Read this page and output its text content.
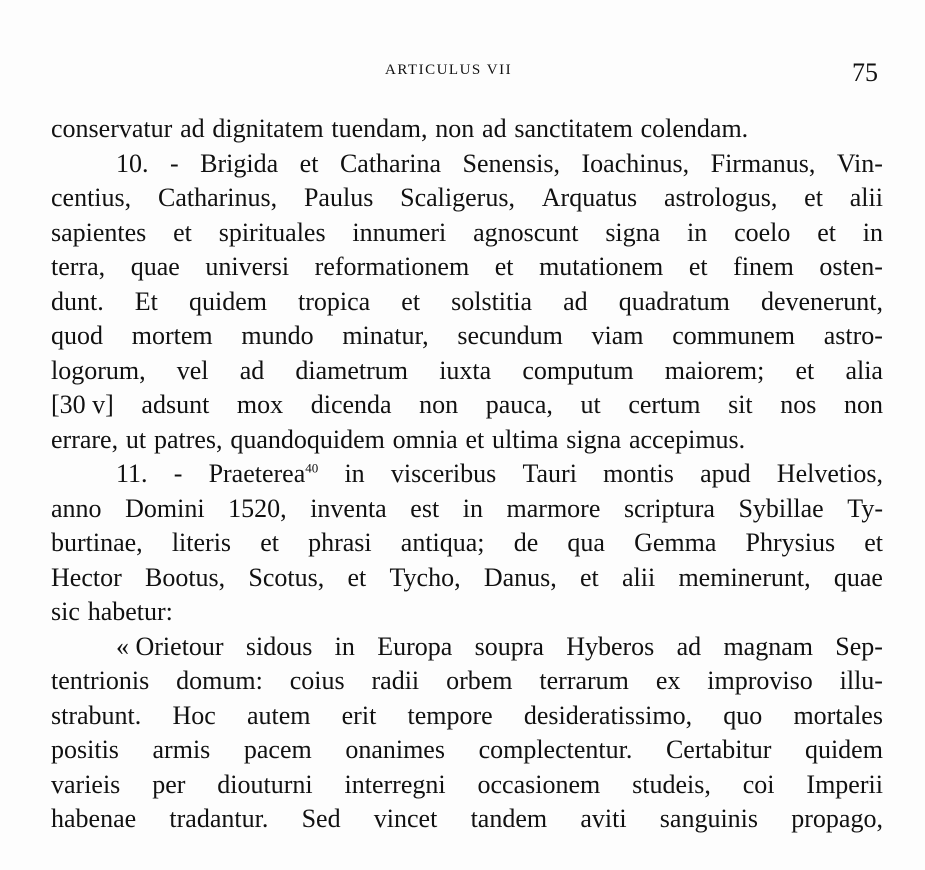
ARTICULUS VII	75
conservatur ad dignitatem tuendam, non ad sanctitatem colendam.
10. - Brigida et Catharina Senensis, Ioachinus, Firmanus, Vin-
centius, Catharinus, Paulus Scaligerus, Arquatus astrologus, et alii
sapientes et spirituales innumeri agnoscunt signa in coelo et in
terra, quae universi reformationem et mutationem et finem osten-
dunt. Et quidem tropica et solstitia ad quadratum devenerunt,
quod mortem mundo minatur, secundum viam communem astro-
logorum, vel ad diametrum iuxta computum maiorem; et alia
[30 v] adsunt mox dicenda non pauca, ut certum sit nos non
errare, ut patres, quandoquidem omnia et ultima signa accepimus.
11. - Praeterea$^{40}$ in visceribus Tauri montis apud Helvetios,
anno Domini 1520, inventa est in marmore scriptura Sybillae Ty-
burtinae, literis et phrasi antiqua; de qua Gemma Phrysius et
Hector Bootus, Scotus, et Tycho, Danus, et alii meminerunt, quae
sic habetur:
« Orietour sidous in Europa soupra Hyberos ad magnam Sep-
tentrionis domum: coius radii orbem terrarum ex improviso illu-
strabunt. Hoc autem erit tempore desideratissimo, quo mortales
positis armis pacem onanimes complectentur. Certabitur quidem
varieis per diouturni interregni occasionem studeis, coi Imperii
habenae tradantur. Sed vincet tandem aviti sanguinis propago,
